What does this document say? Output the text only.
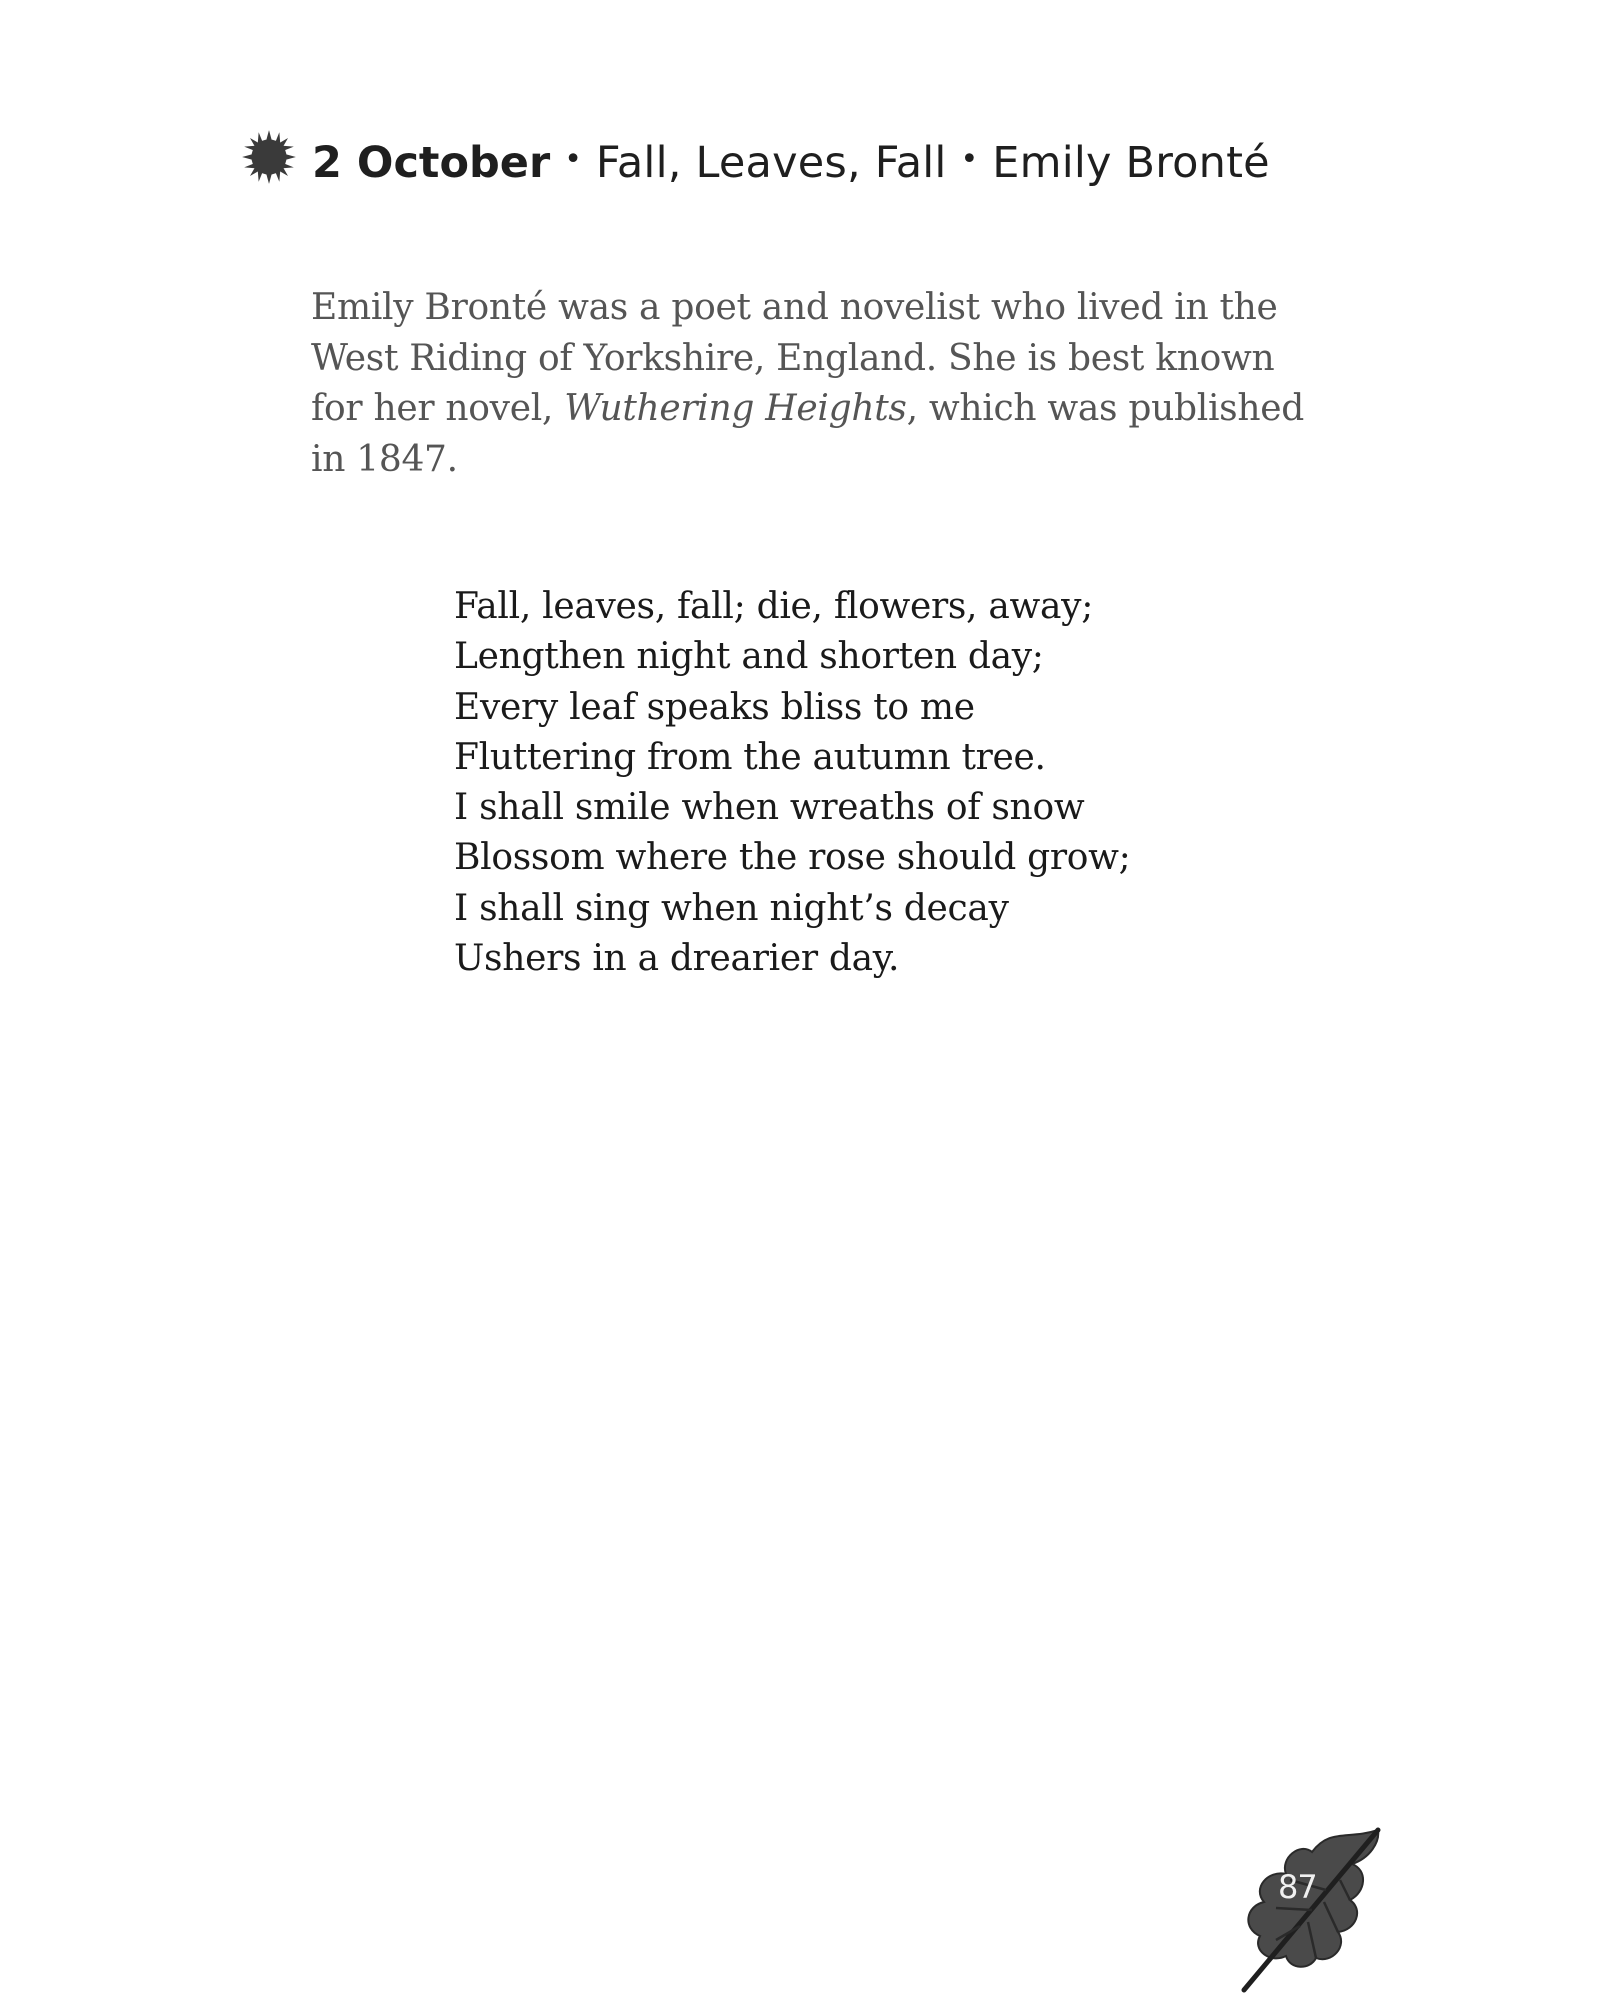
2 October • Fall, Leaves, Fall • Emily Bronté

Emily Bronté was a poet and novelist who lived in the West Riding of Yorkshire, England. She is best known for her novel, Wuthering Heights, which was published in 1847.

Fall, leaves, fall; die, flowers, away;
Lengthen night and shorten day;
Every leaf speaks bliss to me
Fluttering from the autumn tree.
I shall smile when wreaths of snow
Blossom where the rose should grow;
I shall sing when night’s decay
Ushers in a drearier day.
87
